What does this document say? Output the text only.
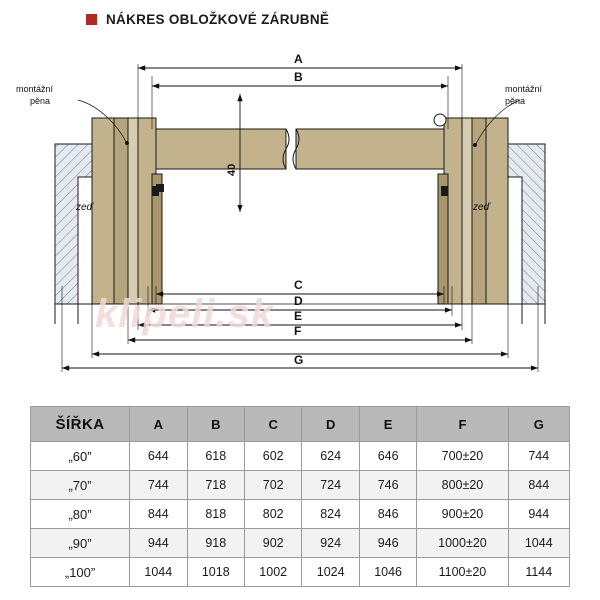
NÁKRES OBLOŽKOVÉ ZÁRUBNĚ
klipeli.sk
montážní
pěna
montážní
pěna
zeď	zeď
40
A
B
C
D
E
F
G
ŠÍŘKA	A	B	C	D	E	F	G
„60”	644	618	602	624	646	700±20	744
„70”	744	718	702	724	746	800±20	844
„80”	844	818	802	824	846	900±20	944
„90”	944	918	902	924	946	1000±20	1044
„100”	1044	1018	1002	1024	1046	1100±20	1144
